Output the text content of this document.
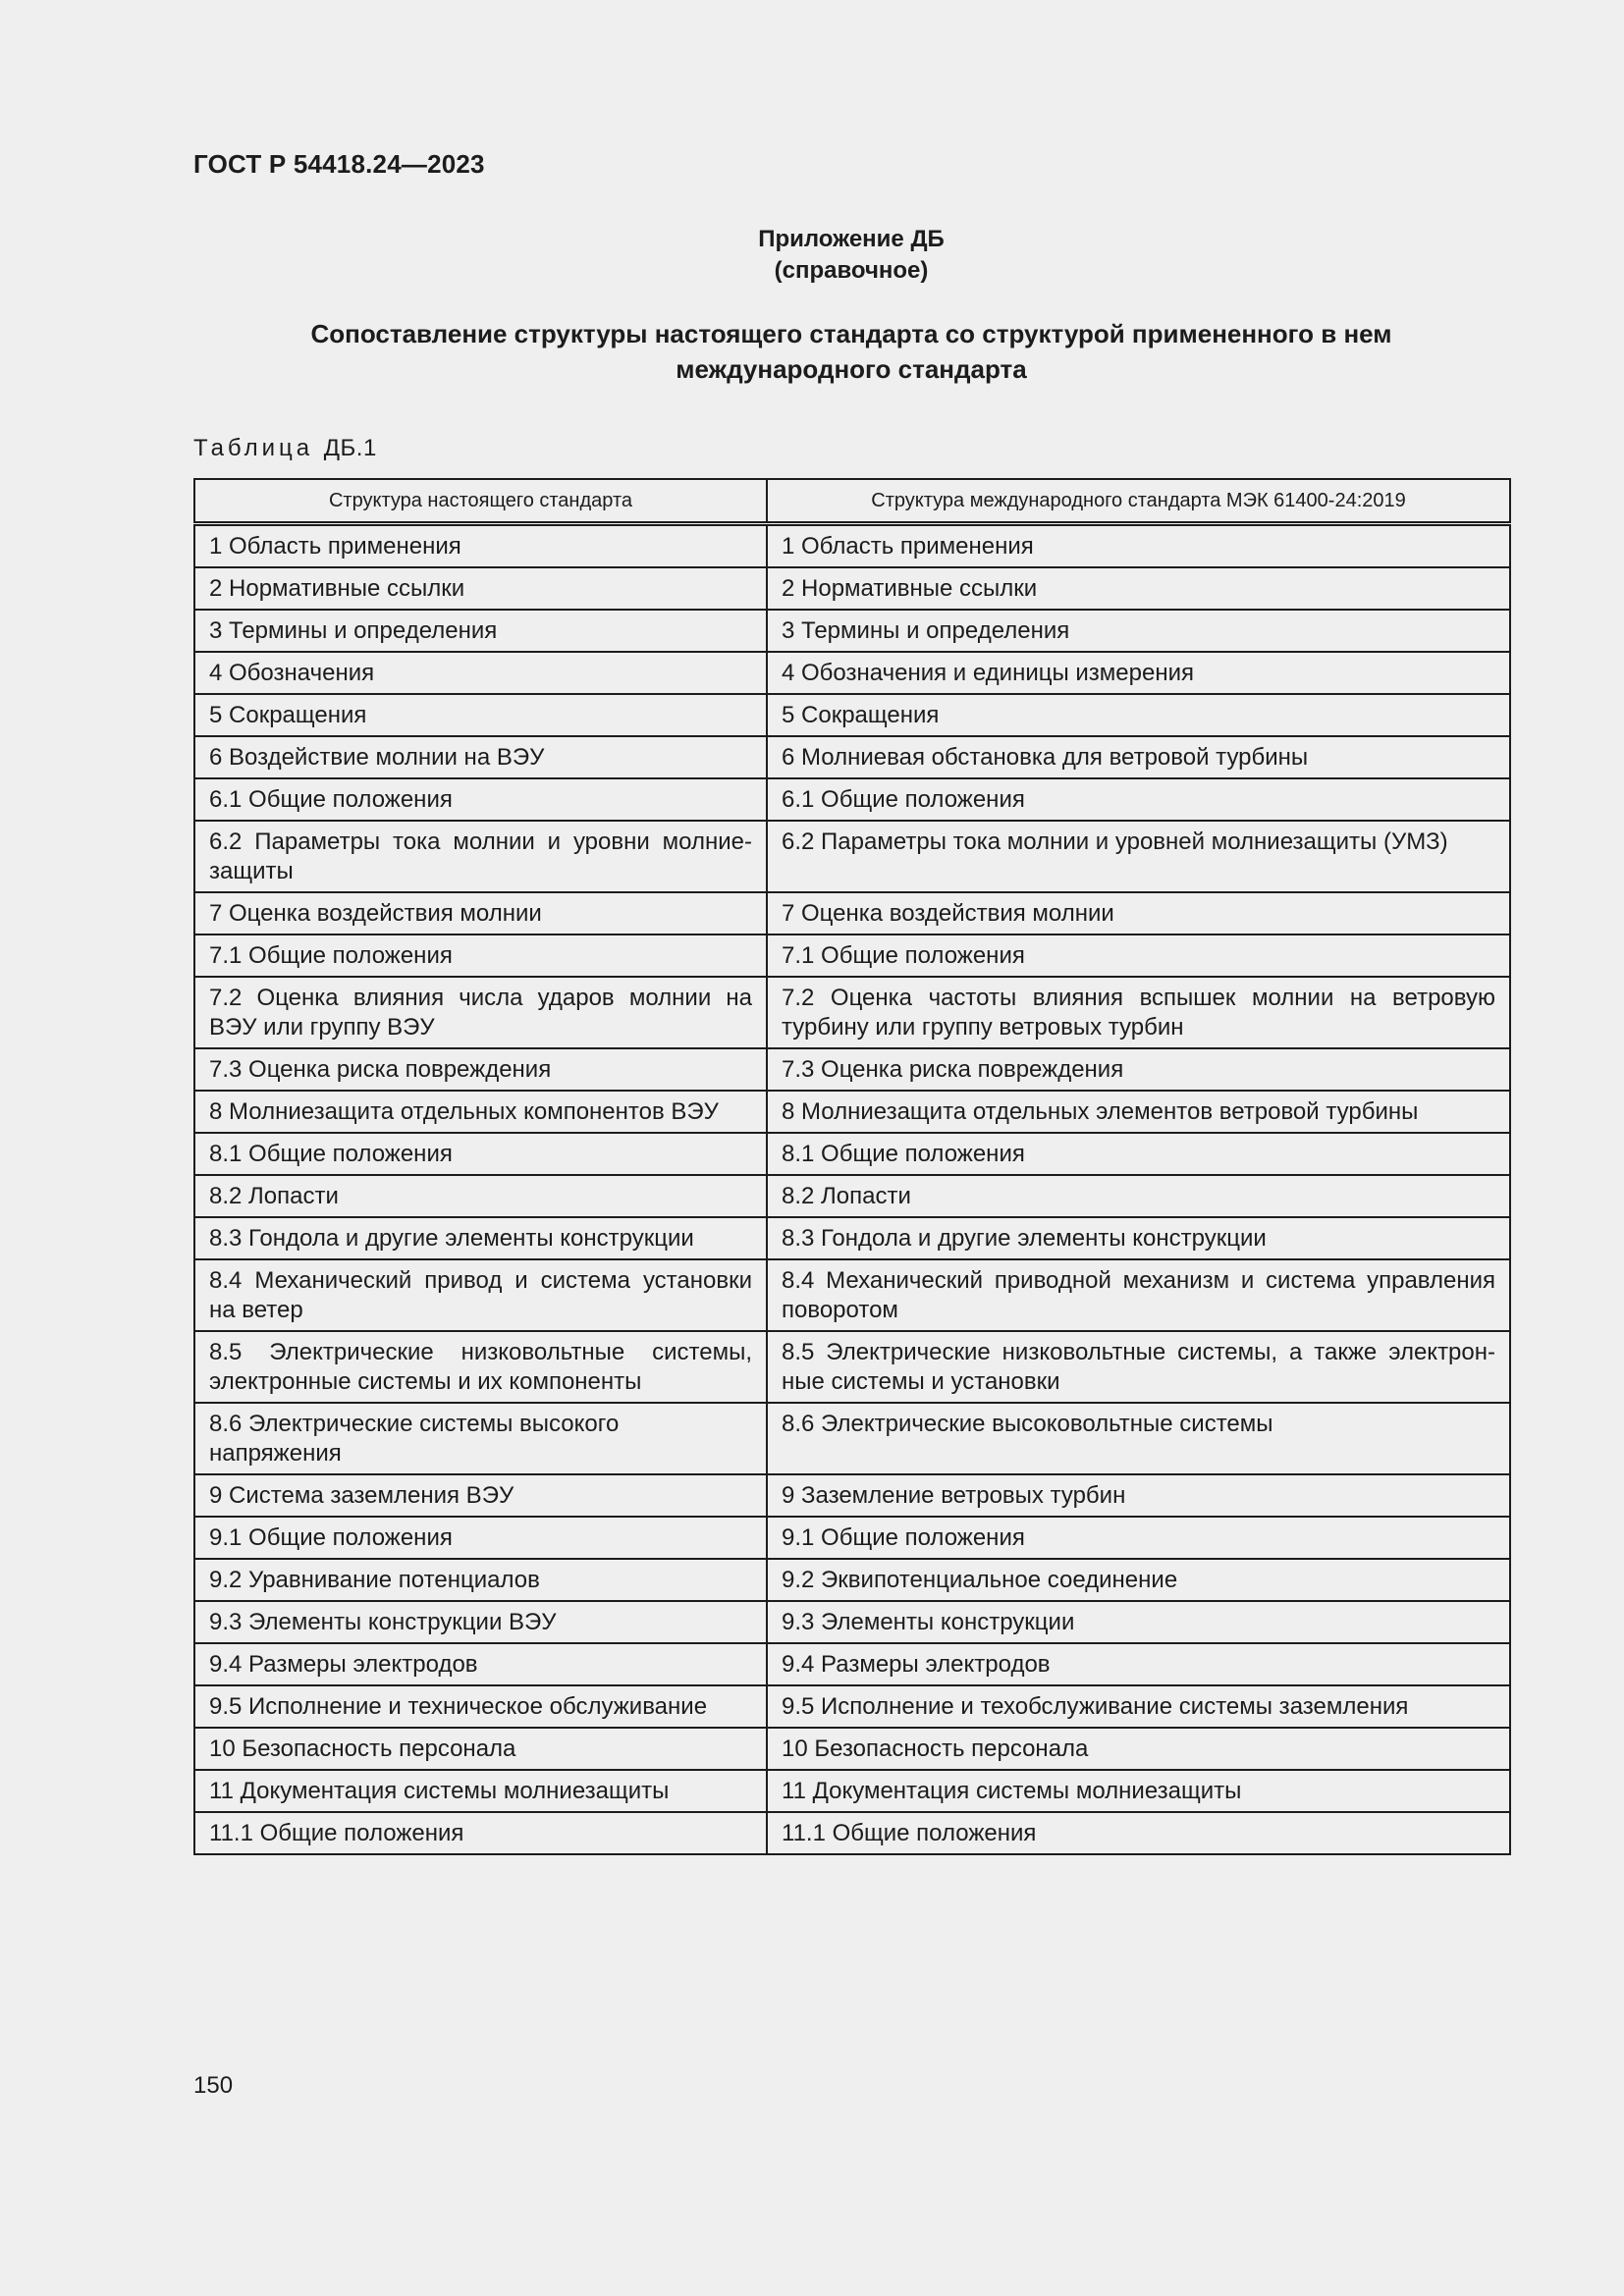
ГОСТ Р 54418.24—2023
Приложение ДБ
(справочное)
Сопоставление структуры настоящего стандарта со структурой примененного в нем
международного стандарта
Таблица ДБ.1
Структура настоящего стандарта	Структура международного стандарта МЭК 61400-24:2019
1 Область применения	1 Область применения
2 Нормативные ссылки	2 Нормативные ссылки
3 Термины и определения	3 Термины и определения
4 Обозначения	4 Обозначения и единицы измерения
5 Сокращения	5 Сокращения
6 Воздействие молнии на ВЭУ	6 Молниевая обстановка для ветровой турбины
6.1 Общие положения	6.1 Общие положения
6.2 Параметры тока молнии и уровни молние-защиты	6.2 Параметры тока молнии и уровней молниезащиты (УМЗ)
7 Оценка воздействия молнии	7 Оценка воздействия молнии
7.1 Общие положения	7.1 Общие положения
7.2 Оценка влияния числа ударов молнии на ВЭУ или группу ВЭУ	7.2 Оценка частоты влияния вспышек молнии на ветровую турбину или группу ветровых турбин
7.3 Оценка риска повреждения	7.3 Оценка риска повреждения
8 Молниезащита отдельных компонентов ВЭУ	8 Молниезащита отдельных элементов ветровой турбины
8.1 Общие положения	8.1 Общие положения
8.2 Лопасти	8.2 Лопасти
8.3 Гондола и другие элементы конструкции	8.3 Гондола и другие элементы конструкции
8.4 Механический привод и система установки на ветер	8.4 Механический приводной механизм и система управления поворотом
8.5 Электрические низковольтные системы, электронные системы и их компоненты	8.5 Электрические низковольтные системы, а также электрон-ные системы и установки
8.6 Электрические системы высокого напряжения	8.6 Электрические высоковольтные системы
9 Система заземления ВЭУ	9 Заземление ветровых турбин
9.1 Общие положения	9.1 Общие положения
9.2 Уравнивание потенциалов	9.2 Эквипотенциальное соединение
9.3 Элементы конструкции ВЭУ	9.3 Элементы конструкции
9.4 Размеры электродов	9.4 Размеры электродов
9.5 Исполнение и техническое обслуживание	9.5 Исполнение и техобслуживание системы заземления
10 Безопасность персонала	10 Безопасность персонала
11 Документация системы молниезащиты	11 Документация системы молниезащиты
11.1 Общие положения	11.1 Общие положения
150
